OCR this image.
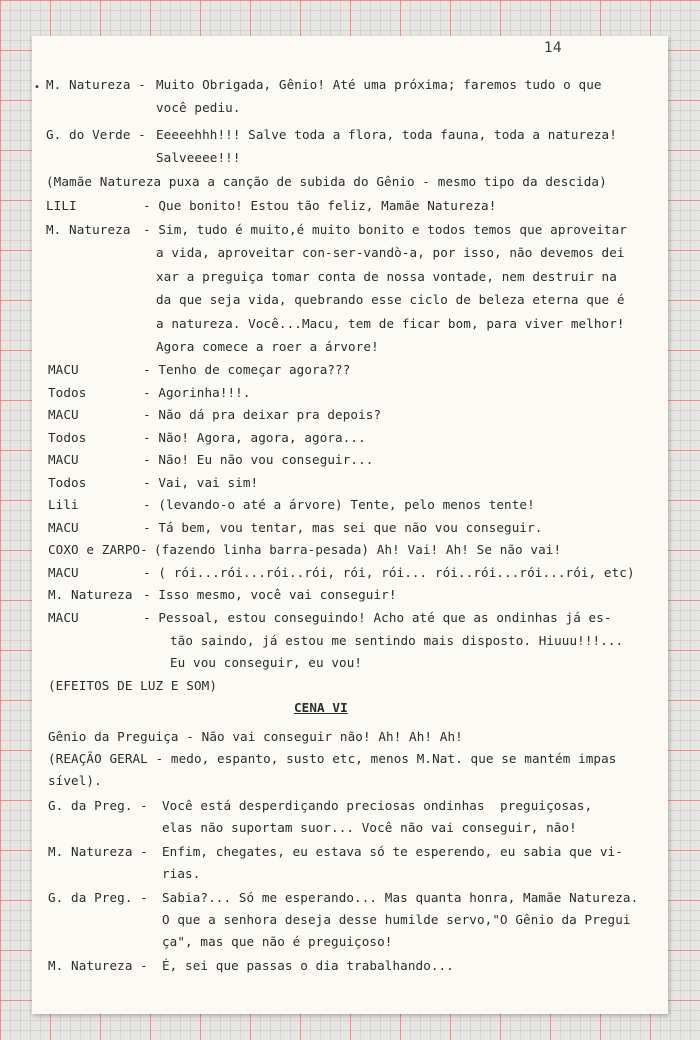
14
• M. Natureza - Muito Obrigada, Gênio! Até uma próxima; faremos tudo o que
você pediu.
G. do Verde - Eeeeehhh!!! Salve toda a flora, toda fauna, toda a natureza!
Salveeee!!!
(Mamãe Natureza puxa a canção de subida do Gênio - mesmo tipo da descida)
LILI	- Que bonito! Estou tão feliz, Mamãe Natureza!
M. Natureza - Sim, tudo é muito,é muito bonito e todos temos que aproveitar
a vida, aproveitar con-ser-vandò-a, por isso, não devemos dei
xar a preguiça tomar conta de nossa vontade, nem destruir na
da que seja vida, quebrando esse ciclo de beleza eterna que é
a natureza. Você...Macu, tem de ficar bom, para viver melhor!
Agora comece a roer a árvore!
MACU	- Tenho de começar agora???
Todos	- Agorinha!!!.
MACU	- Não dá pra deixar pra depois?
Todos	- Não! Agora, agora, agora...
MACU	- Não! Eu não vou conseguir...
Todos	- Vai, vai sim!
Lili	- (levando-o até a árvore) Tente, pelo menos tente!
MACU	- Tá bem, vou tentar, mas sei que não vou conseguir.
COXO e ZARPO- (fazendo linha barra-pesada) Ah! Vai! Ah! Se não vai!
MACU	- ( rói...rói...rói..rói, rói, rói... rói..rói...rói...rói, etc)
M. Natureza - Isso mesmo, você vai conseguir!
MACU	- Pessoal, estou conseguindo! Acho até que as ondinhas já es-
tão saindo, já estou me sentindo mais disposto. Hiuuu!!!...
Eu vou conseguir, eu vou!
(EFEITOS DE LUZ E SOM)
CENA VI
Gênio da Preguiça - Não vai conseguir não! Ah! Ah! Ah!
(REAÇÃO GERAL - medo, espanto, susto etc, menos M.Nat. que se mantém impas
sível).
G. da Preg. - Você está desperdiçando preciosas ondinhas  preguiçosas,
elas não suportam suor... Você não vai conseguir, não!
M. Natureza - Enfim, chegates, eu estava só te esperendo, eu sabia que vi-
rias.
G. da Preg. - Sabia?... Só me esperando... Mas quanta honra, Mamãe Natureza.
O que a senhora deseja desse humilde servo,"O Gênio da Pregui
ça", mas que não é preguiçoso!
M. Natureza - É, sei que passas o dia trabalhando...
